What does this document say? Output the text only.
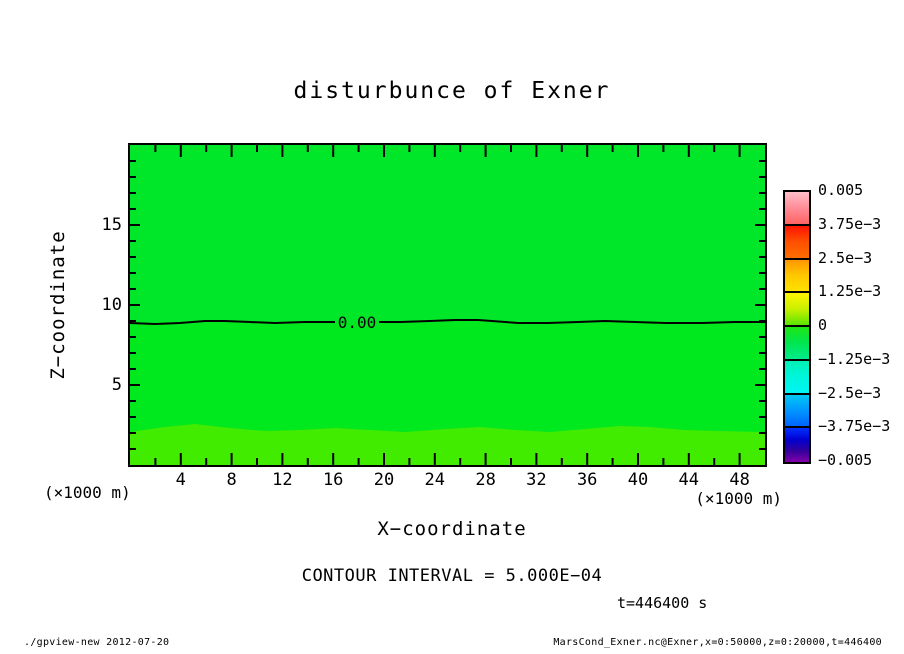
disturbunce of Exner
0.00
Z−coordinate
X−coordinate
(×1000 m)	(×1000 m)
CONTOUR INTERVAL = 5.000E−04
t=446400 s
./gpview-new 2012-07-20	MarsCond_Exner.nc@Exner,x=0:50000,z=0:20000,t=446400
4	8	12	16	20	24	28	32	36	40	44	48
5
10
15
0.005
3.75e−3
2.5e−3
1.25e−3
0
−1.25e−3
−2.5e−3
−3.75e−3
−0.005
